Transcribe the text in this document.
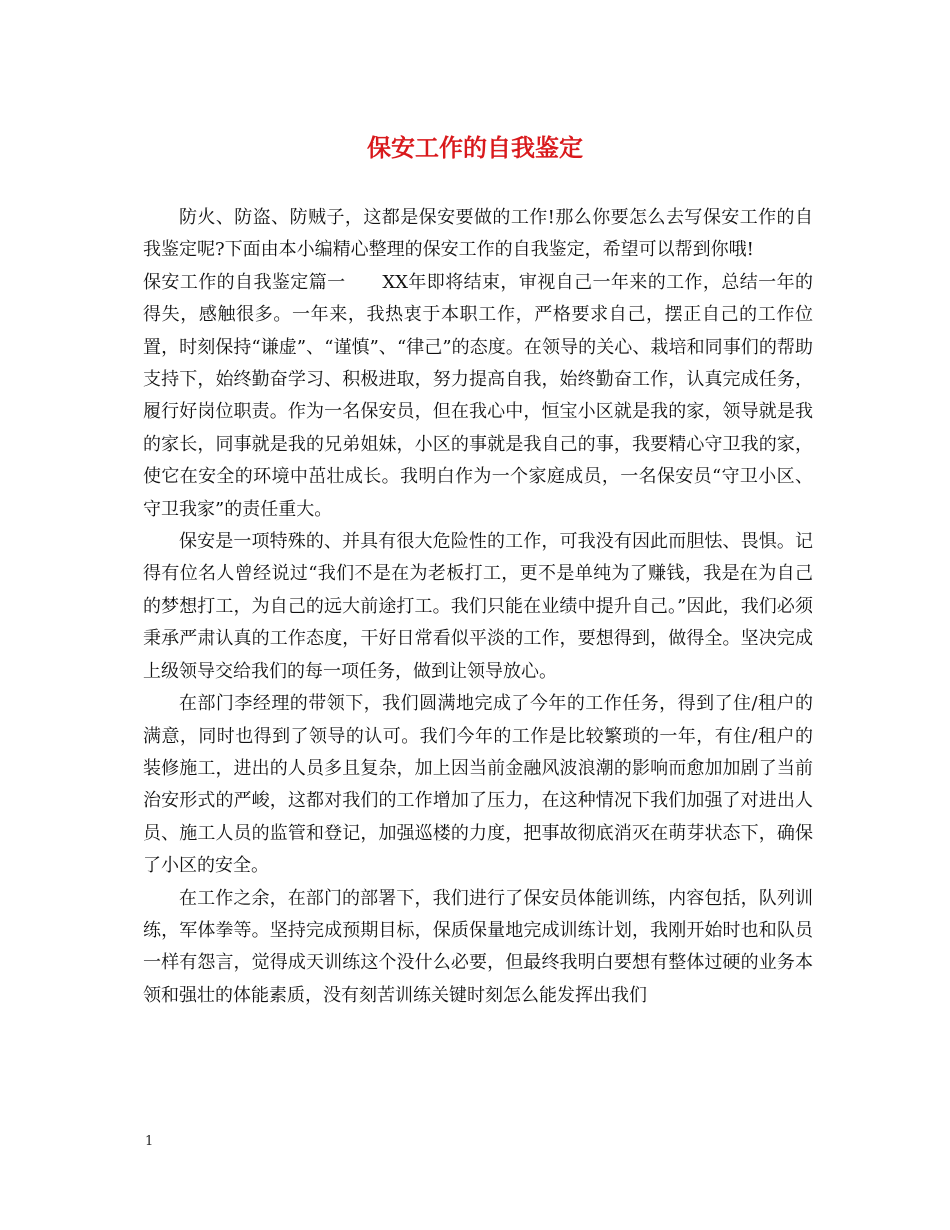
保安工作的自我鉴定

防火、防盗、防贼子，这都是保安要做的工作!那么你要怎么去写保安工作的自我鉴定呢?下面由本小编精心整理的保安工作的自我鉴定，希望可以帮到你哦!

保安工作的自我鉴定篇一　　XX年即将结束，审视自己一年来的工作，总结一年的得失，感触很多。一年来，我热衷于本职工作，严格要求自己，摆正自己的工作位置，时刻保持“谦虚”、“谨慎”、“律己”的态度。在领导的关心、栽培和同事们的帮助支持下，始终勤奋学习、积极进取，努力提高自我，始终勤奋工作，认真完成任务，履行好岗位职责。作为一名保安员，但在我心中，恒宝小区就是我的家，领导就是我的家长，同事就是我的兄弟姐妹，小区的事就是我自己的事，我要精心守卫我的家，使它在安全的环境中茁壮成长。我明白作为一个家庭成员，一名保安员“守卫小区、守卫我家”的责任重大。

保安是一项特殊的、并具有很大危险性的工作，可我没有因此而胆怯、畏惧。记得有位名人曾经说过“我们不是在为老板打工，更不是单纯为了赚钱，我是在为自己的梦想打工，为自己的远大前途打工。我们只能在业绩中提升自己。”因此，我们必须秉承严肃认真的工作态度，干好日常看似平淡的工作，要想得到，做得全。坚决完成上级领导交给我们的每一项任务，做到让领导放心。

在部门李经理的带领下，我们圆满地完成了今年的工作任务，得到了住/租户的满意，同时也得到了领导的认可。我们今年的工作是比较繁琐的一年，有住/租户的装修施工，进出的人员多且复杂，加上因当前金融风波浪潮的影响而愈加加剧了当前治安形式的严峻，这都对我们的工作增加了压力，在这种情况下我们加强了对进出人员、施工人员的监管和登记，加强巡楼的力度，把事故彻底消灭在萌芽状态下，确保了小区的安全。

在工作之余，在部门的部署下，我们进行了保安员体能训练，内容包括，队列训练，军体拳等。坚持完成预期目标，保质保量地完成训练计划，我刚开始时也和队员一样有怨言，觉得成天训练这个没什么必要，但最终我明白要想有整体过硬的业务本领和强壮的体能素质，没有刻苦训练关键时刻怎么能发挥出我们

1
